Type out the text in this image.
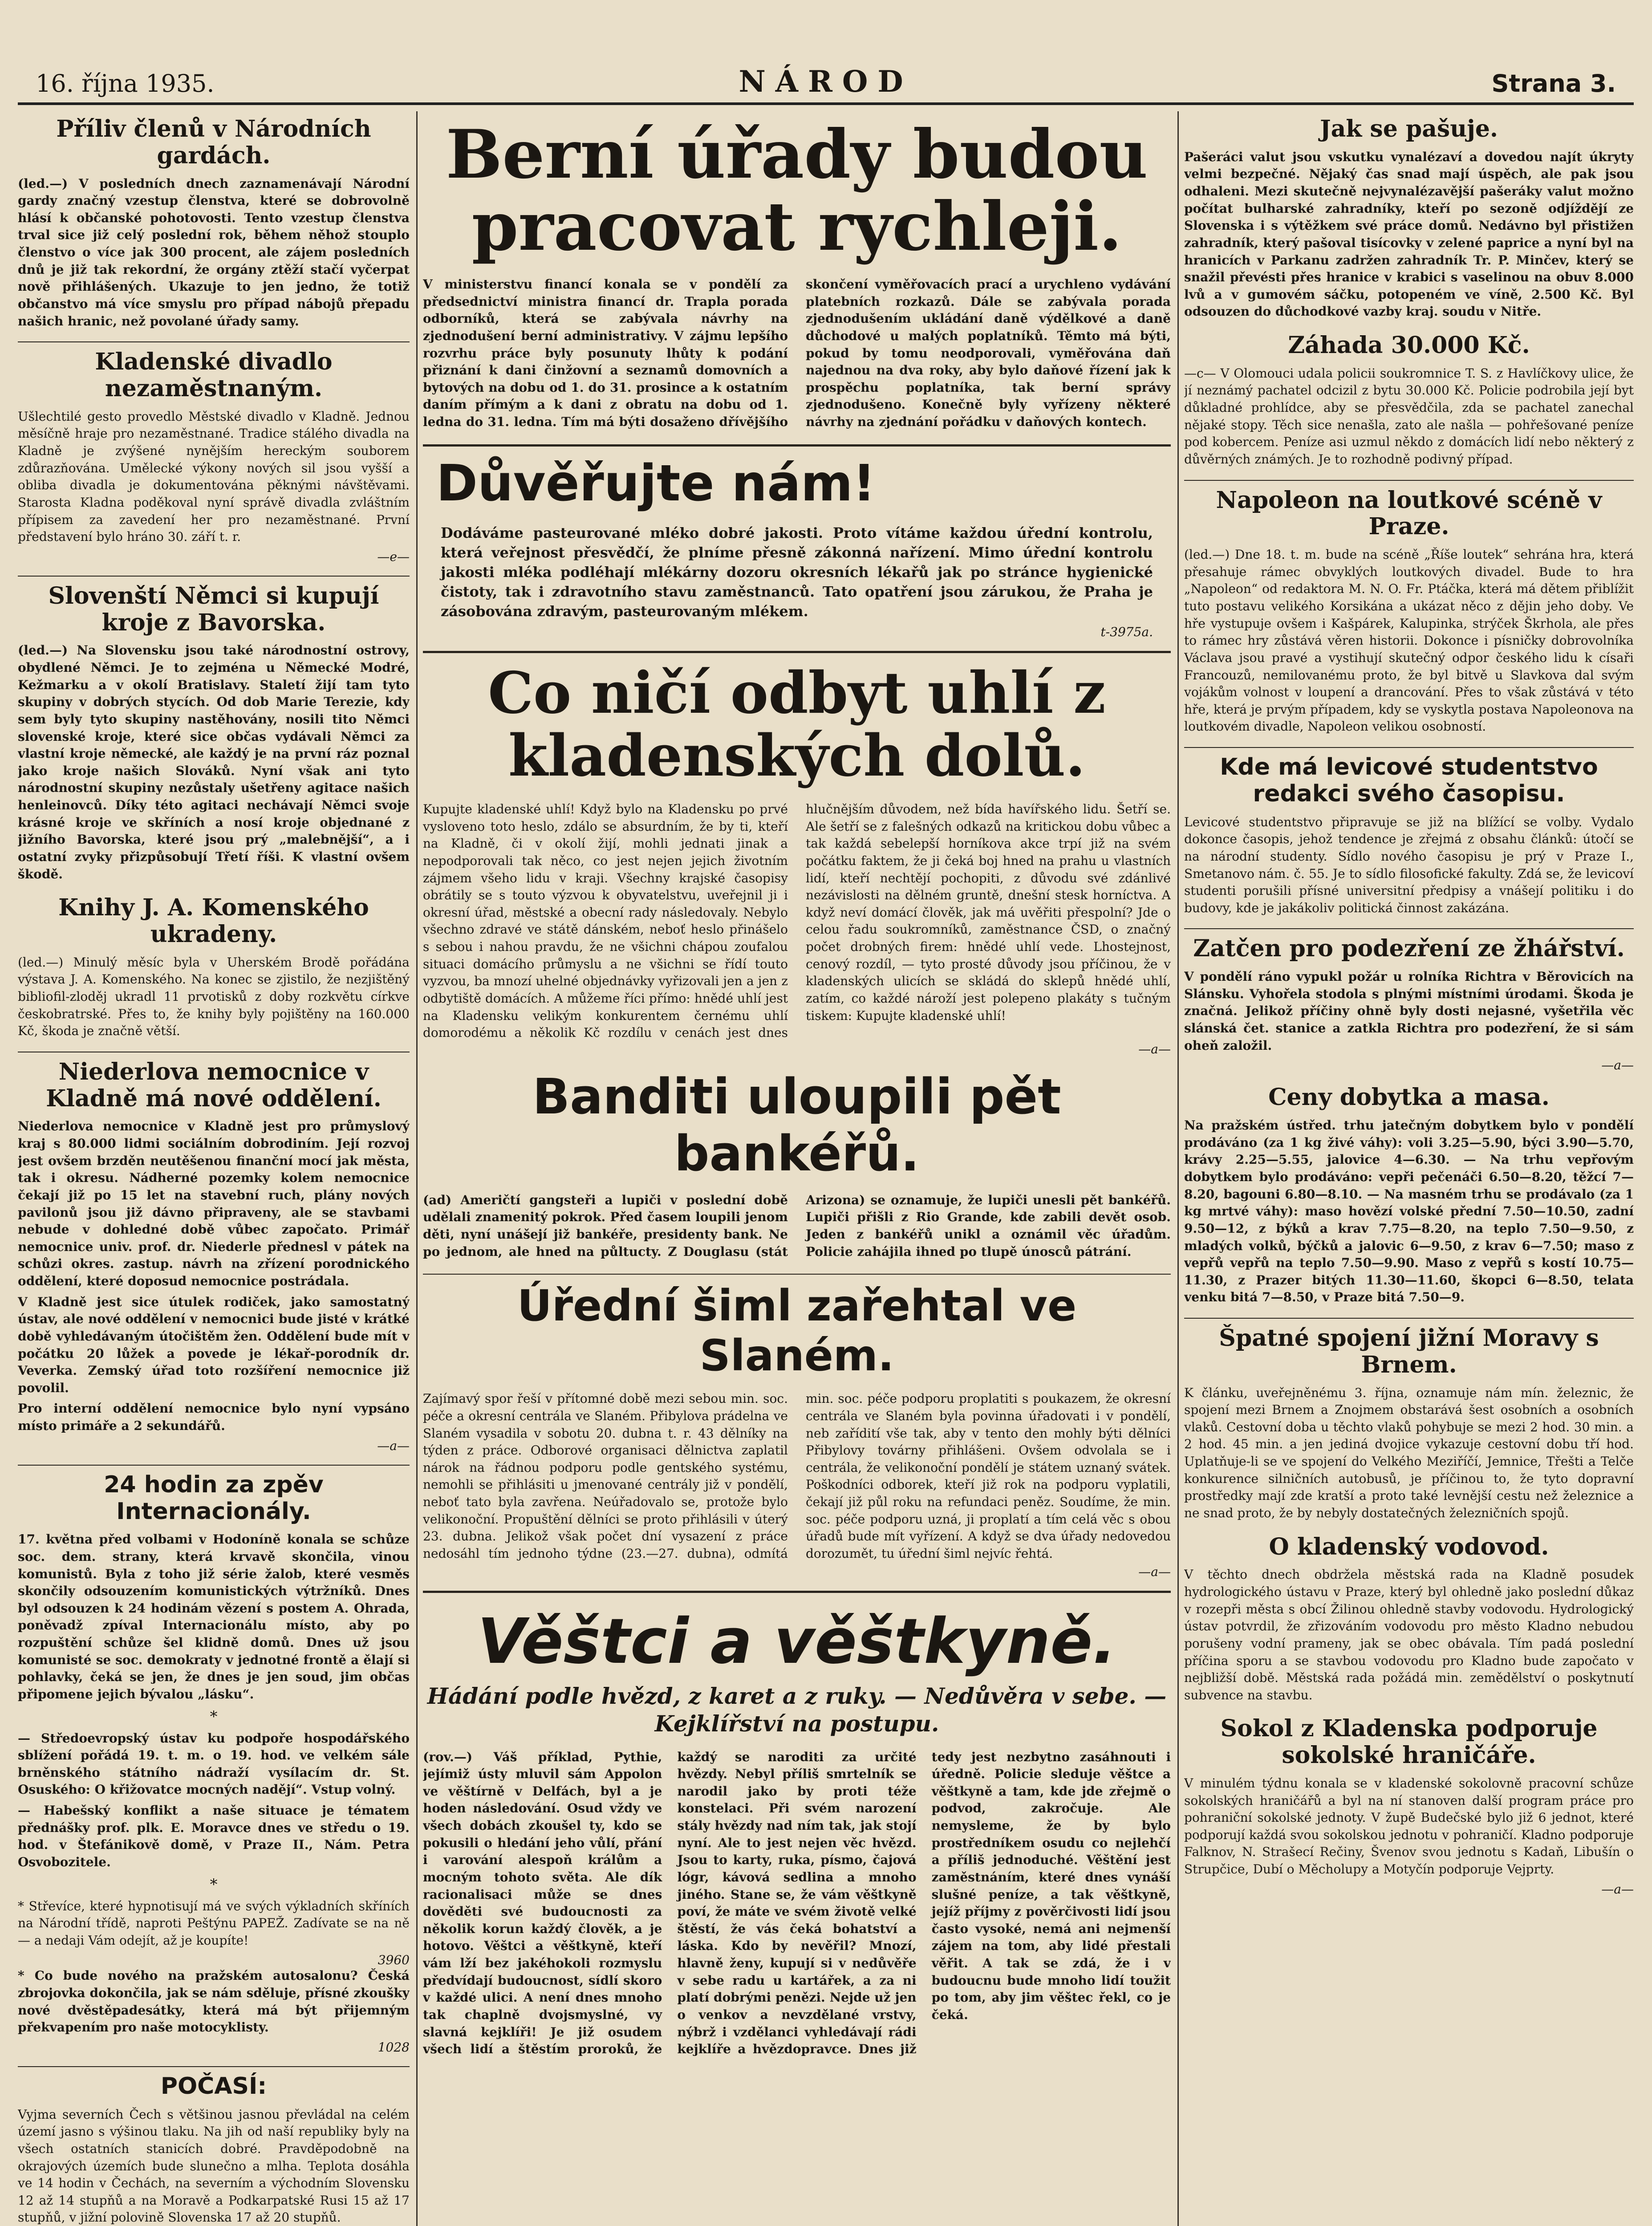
16. října 1935.	NÁROD	Strana 3.
Příliv členů v Národních gardách.

(led.—) V posledních dnech zaznamenávají Národní gardy značný vzestup členstva, které se dobrovolně hlásí k občanské pohotovosti. Tento vzestup členstva trval sice již celý poslední rok, během něhož stouplo členstvo o více jak 300 procent, ale zájem posledních dnů je již tak rekordní, že orgány ztěží stačí vyčerpat nově přihlášených. Ukazuje to jen jedno, že totiž občanstvo má více smyslu pro případ nábojů přepadu našich hranic, než povolané úřady samy.

Kladenské divadlo nezaměstnaným.

Ušlechtilé gesto provedlo Městské divadlo v Kladně. Jednou měsíčně hraje pro nezaměstnané. Tradice stálého divadla na Kladně je zvýšené nynějším hereckým souborem zdůrazňována. Umělecké výkony nových sil jsou vyšší a obliba divadla je dokumentována pěknými návštěvami. Starosta Kladna poděkoval nyní správě divadla zvláštním přípisem za zavedení her pro nezaměstnané. První představení bylo hráno 30. září t. r.

—e—
Slovenští Němci si kupují kroje z Bavorska.

(led.—) Na Slovensku jsou také národnostní ostrovy, obydlené Němci. Je to zejména u Německé Modré, Kežmarku a v okolí Bratislavy. Staletí žijí tam tyto skupiny v dobrých stycích. Od dob Marie Terezie, kdy sem byly tyto skupiny nastěhovány, nosili tito Němci slovenské kroje, které sice občas vydávali Němci za vlastní kroje německé, ale každý je na první ráz poznal jako kroje našich Slováků. Nyní však ani tyto národnostní skupiny nezůstaly ušetřeny agitace našich henleinovců. Díky této agitaci nechávají Němci svoje krásné kroje ve skříních a nosí kroje objednané z jižního Bavorska, které jsou prý „malebnější“, a i ostatní zvyky přizpůsobují Třetí říši. K vlastní ovšem škodě.

Knihy J. A. Komenského ukradeny.

(led.—) Minulý měsíc byla v Uherském Brodě pořádána výstava J. A. Komenského. Na konec se zjistilo, že nezjištěný bibliofil-zloděj ukradl 11 prvotisků z doby rozkvětu církve českobratrské. Přes to, že knihy byly pojištěny na 160.000 Kč, škoda je značně větší.

Niederlova nemocnice v Kladně má nové oddělení.

Niederlova nemocnice v Kladně jest pro průmyslový kraj s 80.000 lidmi sociálním dobrodiním. Její rozvoj jest ovšem brzděn neutěšenou finanční mocí jak města, tak i okresu. Nádherné pozemky kolem nemocnice čekají již po 15 let na stavební ruch, plány nových pavilonů jsou již dávno připraveny, ale se stavbami nebude v dohledné době vůbec započato. Primář nemocnice univ. prof. dr. Niederle přednesl v pátek na schůzi okres. zastup. návrh na zřízení porodnického oddělení, které doposud nemocnice postrádala.

V Kladně jest sice útulek rodiček, jako samostatný ústav, ale nové oddělení v nemocnici bude jisté v krátké době vyhledávaným útočištěm žen. Oddělení bude mít v počátku 20 lůžek a povede je lékař-porodník dr. Veverka. Zemský úřad toto rozšíření nemocnice již povolil.

Pro interní oddělení nemocnice bylo nyní vypsáno místo primáře a 2 sekundářů.

—a—
24 hodin za zpěv Internacionály.

17. května před volbami v Hodoníně konala se schůze soc. dem. strany, která krvavě skončila, vinou komunistů. Byla z toho již série žalob, které vesměs skončily odsouzením komunistických výtržníků. Dnes byl odsouzen k 24 hodinám vězení s postem A. Ohrada, poněvadž zpíval Internacionálu místo, aby po rozpuštění schůze šel klidně domů. Dnes už jsou komunisté se soc. demokraty v jednotné frontě a ělají si pohlavky, čeká se jen, že dnes je jen soud, jim občas připomene jejich bývalou „lásku“.

*

— Středoevropský ústav ku podpoře hospodářského sblížení pořádá 19. t. m. o 19. hod. ve velkém sále brněnského státního nádraží vysílacím dr. St. Osuského: O křižovatce mocných nadějí“. Vstup volný.

— Habešský konflikt a naše situace je tématem přednášky prof. plk. E. Moravce dnes ve středu o 19. hod. v Štefánikově domě, v Praze II., Nám. Petra Osvobozitele.

*

* Střevíce, které hypnotisují má ve svých výkladních skříních na Národní třídě, naproti Peštýnu PAPEŽ. Zadívate se na ně — a nedaji Vám odejít, až je koupíte!

3960

* Co bude nového na pražském autosalonu? Česká zbrojovka dokončila, jak se nám sděluje, přísné zkoušky nové dvěstěpadesátky, která má být přijemným překvapením pro naše motocyklisty.

1028
POČASÍ:

Vyjma severních Čech s většinou jasnou převládal na celém území jasno s výšinou tlaku. Na jih od naší republiky byly na všech ostatních stanicích dobré. Pravděpodobně na okrajových územích bude slunečno a mlha. Teplota dosáhla ve 14 hodin v Čechách, na severním a východním Slovensku 12 až 14 stupňů a na Moravě a Podkarpatské Rusi 15 až 17 stupňů, v jižní polovině Slovenska 17 až 20 stupňů.

Berní úřady budou pracovat rychleji.

V ministerstvu financí konala se v pondělí za předsednictví ministra financí dr. Trapla porada odborníků, která se zabývala návrhy na zjednodušení berní administrativy. V zájmu lepšího rozvrhu práce byly posunuty lhůty k podání přiznání k dani činžovní a seznamů domovních a bytových na dobu od 1. do 31. prosince a k ostatním daním přímým a k dani z obratu na dobu od 1. ledna do 31. ledna. Tím má býti dosaženo dřívějšího skončení vyměřovacích prací a urychleno vydávání platebních rozkazů. Dále se zabývala porada zjednodušením ukládání daně výdělkové a daně důchodové u malých poplatníků. Těmto má býti, pokud by tomu neodporovali, vyměřována daň najednou na dva roky, aby bylo daňové řízení jak k prospěchu poplatníka, tak berní správy zjednodušeno. Konečně byly vyřízeny některé návrhy na zjednání pořádku v daňových kontech.

Důvěřujte nám!

Dodáváme pasteurované mléko dobré jakosti. Proto vítáme každou úřední kontrolu, která veřejnost přesvědčí, že plníme přesně zákonná nařízení. Mimo úřední kontrolu jakosti mléka podléhají mlékárny dozoru okresních lékařů jak po stránce hygienické čistoty, tak i zdravotního stavu zaměstnanců. Tato opatření jsou zárukou, že Praha je zásobována zdravým, pasteurovaným mlékem.

t-3975a.
Co ničí odbyt uhlí z kladenských dolů.

Kupujte kladenské uhlí! Když bylo na Kladensku po prvé vysloveno toto heslo, zdálo se absurdním, že by ti, kteří na Kladně, či v okolí žijí, mohli jednati jinak a nepodporovali tak něco, co jest nejen jejich životním zájmem všeho lidu v kraji. Všechny krajské časopisy obrátily se s touto výzvou k obyvatelstvu, uveřejnil ji i okresní úřad, městské a obecní rady následovaly. Nebylo všechno zdravé ve státě dánském, neboť heslo přinášelo s sebou i nahou pravdu, že ne všichni chápou zoufalou situaci domácího průmyslu a ne všichni se řídí touto vyzvou, ba mnozí uhelné objednávky vyřizovali jen a jen z odbytiště domácích. A můžeme říci přímo: hnědé uhlí jest na Kladensku velikým konkurentem černému uhlí domorodému a několik Kč rozdílu v cenách jest dnes hlučnějším důvodem, než bída havířského lidu. Šetří se. Ale šetří se z falešných odkazů na kritickou dobu vůbec a tak každá sebelepší horníkova akce trpí již na svém počátku faktem, že ji čeká boj hned na prahu u vlastních lidí, kteří nechtějí pochopiti, z důvodu své zdánlivé nezávislosti na dělném gruntě, dnešní stesk horníctva. A když neví domácí člověk, jak má uvěřiti přespolní? Jde o celou řadu soukromníků, zaměstnance ČSD, o značný počet drobných firem: hnědé uhlí vede. Lhostejnost, cenový rozdíl, — tyto prosté důvody jsou příčinou, že v kladenských ulicích se skládá do sklepů hnědé uhlí, zatím, co každé nároží jest polepeno plakáty s tučným tiskem: Kupujte kladenské uhlí!

—a—
Banditi uloupili pět bankéřů.

(ad) Američtí gangsteři a lupiči v poslední době udělali znamenitý pokrok. Před časem loupili jenom děti, nyní unášejí již bankéře, presidenty bank. Ne po jednom, ale hned na půltucty. Z Douglasu (stát Arizona) se oznamuje, že lupiči unesli pět bankéřů. Lupiči přišli z Rio Grande, kde zabili devět osob. Jeden z bankéřů unikl a oznámil věc úřadům. Policie zahájila ihned po tlupě únosců pátrání.

Úřední šiml zařehtal ve Slaném.

Zajímavý spor řeší v přítomné době mezi sebou min. soc. péče a okresní centrála ve Slaném. Přibylova prádelna ve Slaném vysadila v sobotu 20. dubna t. r. 43 dělníky na týden z práce. Odborové organisaci dělnictva zaplatil nárok na řádnou podporu podle gentského systému, nemohli se přihlásiti u jmenované centrály již v pondělí, neboť tato byla zavřena. Neúřadovalo se, protože bylo velikonoční. Propuštění dělníci se proto přihlásili v úterý 23. dubna. Jelikož však počet dní vysazení z práce nedosáhl tím jednoho týdne (23.—27. dubna), odmítá min. soc. péče podporu proplatiti s poukazem, že okresní centrála ve Slaném byla povinna úřadovati i v pondělí, neb zařídití vše tak, aby v tento den mohly býti dělníci Přibylovy továrny přihlášeni. Ovšem odvolala se i centrála, že velikonoční pondělí je státem uznaný svátek. Poškodníci odborek, kteří již rok na podporu vyplatili, čekají již půl roku na refundaci peněz. Soudíme, že min. soc. péče podporu uzná, ji proplatí a tím celá věc s obou úřadů bude mít vyřízení. A když se dva úřady nedovedou dorozumět, tu úřední šiml nejvíc řehtá.

—a—
Věštci a věštkyně.
Hádání podle hvězd, z karet a z ruky. — Nedůvěra v sebe. — Kejklířství na postupu.

(rov.—) Váš příklad, Pythie, jejímiž ústy mluvil sám Appolon ve věštírně v Delfách, byl a je hoden následování. Osud vždy ve všech dobách zkoušel ty, kdo se pokusili o hledání jeho vůlí, přání i varování alespoň králům a mocným tohoto světa. Ale dík racionalisaci může se dnes dověděti své budoucnosti za několik korun každý člověk, a je hotovo. Věštci a věštkyně, kteří vám lží bez jakéhokoli rozmyslu předvídají budoucnost, sídlí skoro v každé ulici. A není dnes mnoho tak chaplně dvojsmyslné, vy slavná kejklíři! Je již osudem všech lidí a štěstím proroků, že každý se naroditi za určité hvězdy. Nebyl příliš smrtelník se narodil jako by proti téže konstelaci. Při svém narození stály hvězdy nad ním tak, jak stojí nyní. Ale to jest nejen věc hvězd. Jsou to karty, ruka, písmo, čajová lógr, kávová sedlina a mnoho jiného. Stane se, že vám věštkyně poví, že máte ve svém životě velké štěstí, že vás čeká bohatství a láska. Kdo by nevěřil? Mnozí, hlavně ženy, kupují si v nedůvěře v sebe radu u kartářek, a za ni platí dobrými penězi. Nejde už jen o venkov a nevzdělané vrstvy, nýbrž i vzdělanci vyhledávají rádi kejklíře a hvězdopravce. Dnes již tedy jest nezbytno zasáhnouti i úředně. Policie sleduje věštce a věštkyně a tam, kde jde zřejmě o podvod, zakročuje. Ale nemysleme, že by bylo prostředníkem osudu co nejlehčí a příliš jednoduché. Věštění jest zaměstnáním, které dnes vynáší slušné peníze, a tak věštkyně, jejíž příjmy z pověrčivosti lidí jsou často vysoké, nemá ani nejmenší zájem na tom, aby lidé přestali věřit. A tak se zdá, že i v budoucnu bude mnoho lidí toužit po tom, aby jim věštec řekl, co je čeká.

Jak se pašuje.

Pašeráci valut jsou vskutku vynalézaví a dovedou najít úkryty velmi bezpečné. Nějaký čas snad mají úspěch, ale pak jsou odhaleni. Mezi skutečně nejvynalézavější pašeráky valut možno počítat bulharské zahradníky, kteří po sezoně odjíždějí ze Slovenska i s výtěžkem své práce domů. Nedávno byl přistižen zahradník, který pašoval tisícovky v zelené paprice a nyní byl na hranicích v Parkanu zadržen zahradník Tr. P. Minčev, který se snažil převésti přes hranice v krabici s vaselinou na obuv 8.000 lvů a v gumovém sáčku, potopeném ve víně, 2.500 Kč. Byl odsouzen do důchodkové vazby kraj. soudu v Nitře.

Záhada 30.000 Kč.

—c— V Olomouci udala policii soukromnice T. S. z Havlíčkovy ulice, že jí neznámý pachatel odcizil z bytu 30.000 Kč. Policie podrobila její byt důkladné prohlídce, aby se přesvědčila, zda se pachatel zanechal nějaké stopy. Těch sice nenašla, zato ale našla — pohřešované peníze pod kobercem. Peníze asi uzmul někdo z domácích lidí nebo některý z důvěrných známých. Je to rozhodně podivný případ.

Napoleon na loutkové scéně v Praze.

(led.—) Dne 18. t. m. bude na scéně „Říše loutek“ sehrána hra, která přesahuje rámec obvyklých loutkových divadel. Bude to hra „Napoleon“ od redaktora M. N. O. Fr. Ptáčka, která má dětem přiblížit tuto postavu velikého Korsikána a ukázat něco z dějin jeho doby. Ve hře vystupuje ovšem i Kašpárek, Kalupinka, strýček Škrhola, ale přes to rámec hry zůstává věren historii. Dokonce i písničky dobrovolníka Václava jsou pravé a vystihují skutečný odpor českého lidu k císaři Francouzů, nemilovanému proto, že byl bitvě u Slavkova dal svým vojákům volnost v loupení a drancování. Přes to však zůstává v této hře, která je prvým případem, kdy se vyskytla postava Napoleonova na loutkovém divadle, Napoleon velikou osobností.

Kde má levicové studentstvo redakci svého časopisu.

Levicové studentstvo připravuje se již na blížící se volby. Vydalo dokonce časopis, jehož tendence je zřejmá z obsahu článků: útočí se na národní studenty. Sídlo nového časopisu je prý v Praze I., Smetanovo nám. č. 55. Je to sídlo filosofické fakulty. Zdá se, že levicoví studenti porušili přísné universitní předpisy a vnášejí politiku i do budovy, kde je jakákoliv politická činnost zakázána.

Zatčen pro podezření ze žhářství.

V pondělí ráno vypukl požár u rolníka Richtra v Běrovicích na Slánsku. Vyhořela stodola s plnými místními úrodami. Škoda je značná. Jelikož příčiny ohně byly dosti nejasné, vyšetřila věc slánská čet. stanice a zatkla Richtra pro podezření, že si sám oheň založil.

—a—
Ceny dobytka a masa.

Na pražském ústřed. trhu jatečným dobytkem bylo v pondělí prodáváno (za 1 kg živé váhy): voli 3.25—5.90, býci 3.90—5.70, krávy 2.25—5.55, jalovice 4—6.30. — Na trhu vepřovým dobytkem bylo prodáváno: vepři pečenáči 6.50—8.20, těžcí 7—8.20, bagouni 6.80—8.10. — Na masném trhu se prodávalo (za 1 kg mrtvé váhy): maso hovězí volské přední 7.50—10.50, zadní 9.50—12, z býků a krav 7.75—8.20, na teplo 7.50—9.50, z mladých volků, býčků a jalovic 6—9.50, z krav 6—7.50; maso z vepřů vepřů na teplo 7.50—9.90. Maso z vepřů s kostí 10.75—11.30, z Prazer bitých 11.30—11.60, škopci 6—8.50, telata venku bitá 7—8.50, v Praze bitá 7.50—9.

Špatné spojení jižní Moravy s Brnem.

K článku, uveřejněnému 3. října, oznamuje nám mín. železnic, že spojení mezi Brnem a Znojmem obstarává šest osobních a osobních vlaků. Cestovní doba u těchto vlaků pohybuje se mezi 2 hod. 30 min. a 2 hod. 45 min. a jen jediná dvojice vykazuje cestovní dobu tří hod. Uplatňuje-li se ve spojení do Velkého Meziříčí, Jemnice, Třešti a Telče konkurence silničních autobusů, je příčinou to, že tyto dopravní prostředky mají zde kratší a proto také levnější cestu než železnice a ne snad proto, že by nebyly dostatečných železničních spojů.

O kladenský vodovod.

V těchto dnech obdržela městská rada na Kladně posudek hydrologického ústavu v Praze, který byl ohledně jako poslední důkaz v rozepři města s obcí Žilinou ohledně stavby vodovodu. Hydrologický ústav potvrdil, že zřizováním vodovodu pro město Kladno nebudou porušeny vodní prameny, jak se obec obávala. Tím padá poslední příčina sporu a se stavbou vodovodu pro Kladno bude započato v nejbližší době. Městská rada požádá min. zemědělství o poskytnutí subvence na stavbu.

Sokol z Kladenska podporuje sokolské hraničáře.

V minulém týdnu konala se v kladenské sokolovně pracovní schůze sokolských hraničářů a byl na ní stanoven další program práce pro pohraniční sokolské jednoty. V župě Budečské bylo již 6 jednot, které podporují každá svou sokolskou jednotu v pohraničí. Kladno podporuje Falknov, N. Strašecí Rečiny, Švenov svou jednotu s Kadaň, Libušín o Strupčice, Dubí o Měcholupy a Motyčín podporuje Vejprty.

—a—
